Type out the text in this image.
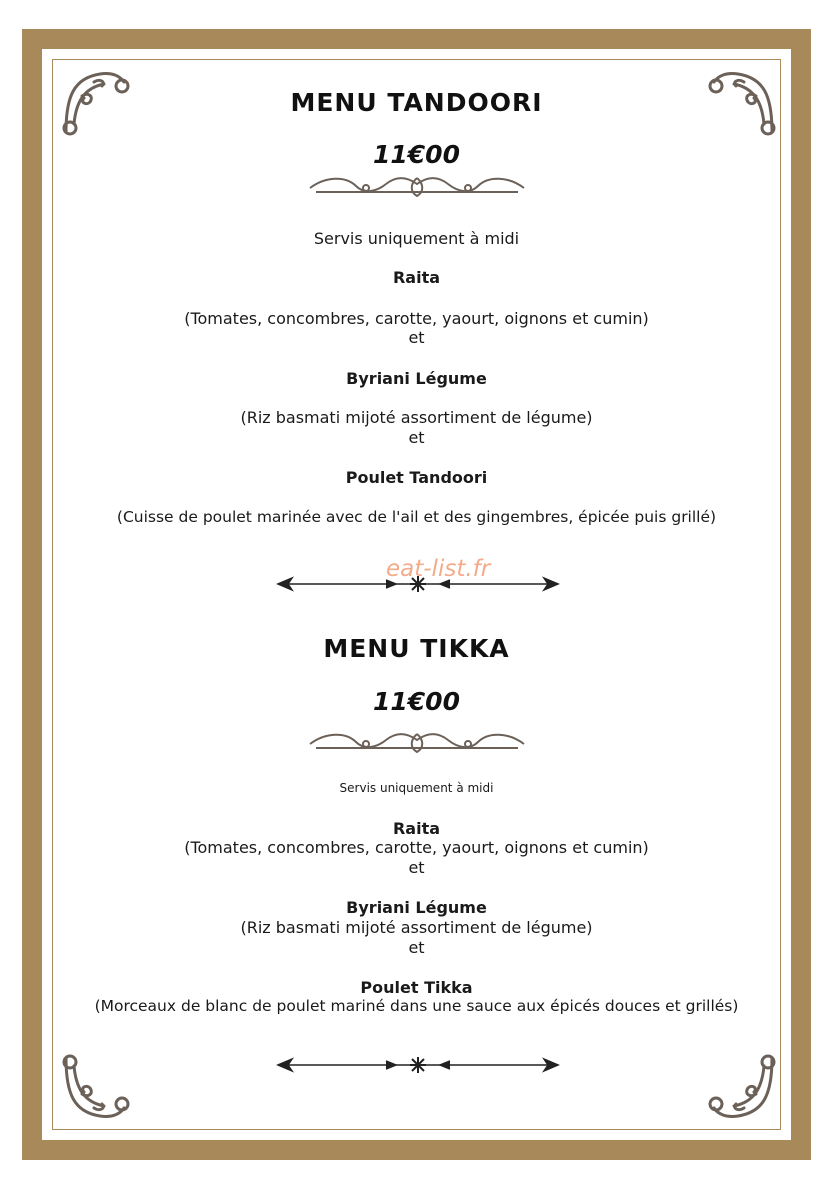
MENU TANDOORI
11€00
Servis uniquement à midi
Raita
(Tomates, concombres, carotte, yaourt, oignons et cumin)
et
Byriani Légume
(Riz basmati mijoté assortiment de légume)
et
Poulet Tandoori
(Cuisse de poulet marinée avec de l'ail et des gingembres, épicée puis grillé)
eat-list.fr
MENU TIKKA
11€00
Servis uniquement à midi
Raita
(Tomates, concombres, carotte, yaourt, oignons et cumin)
et
Byriani Légume
(Riz basmati mijoté assortiment de légume)
et
Poulet Tikka
(Morceaux de blanc de poulet mariné dans une sauce aux épicés douces et grillés)
